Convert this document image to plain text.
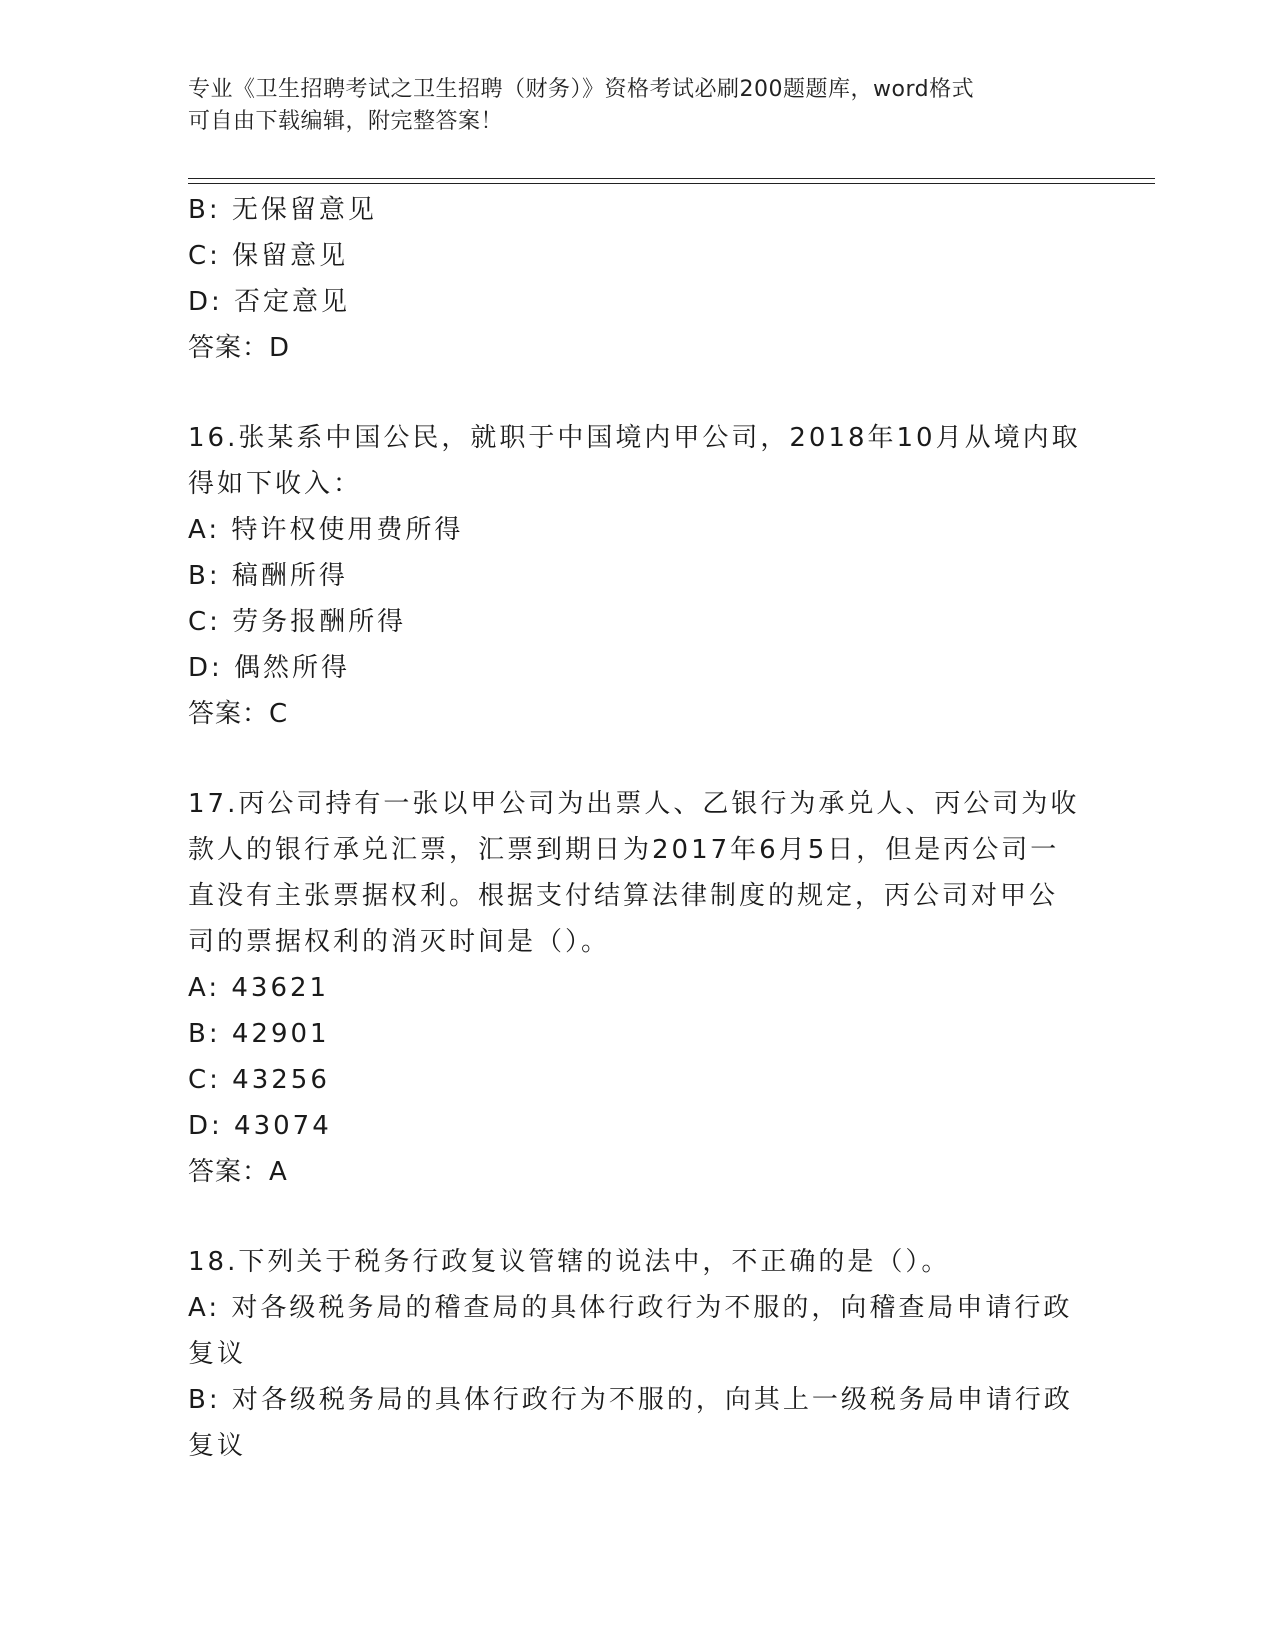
专业《卫生招聘考试之卫生招聘（财务）》资格考试必刷200题题库，word格式
可自由下载编辑，附完整答案！
B: 无保留意见
C: 保留意见
D: 否定意见
答案：D
16.张某系中国公民，就职于中国境内甲公司，2018年10月从境内取
得如下收入：
A: 特许权使用费所得
B: 稿酬所得
C: 劳务报酬所得
D: 偶然所得
答案：C
17.丙公司持有一张以甲公司为出票人、乙银行为承兑人、丙公司为收
款人的银行承兑汇票，汇票到期日为2017年6月5日，但是丙公司一
直没有主张票据权利。根据支付结算法律制度的规定，丙公司对甲公
司的票据权利的消灭时间是（）。
A: 43621
B: 42901
C: 43256
D: 43074
答案：A
18.下列关于税务行政复议管辖的说法中，不正确的是（）。
A: 对各级税务局的稽查局的具体行政行为不服的，向稽查局申请行政
复议
B: 对各级税务局的具体行政行为不服的，向其上一级税务局申请行政
复议
